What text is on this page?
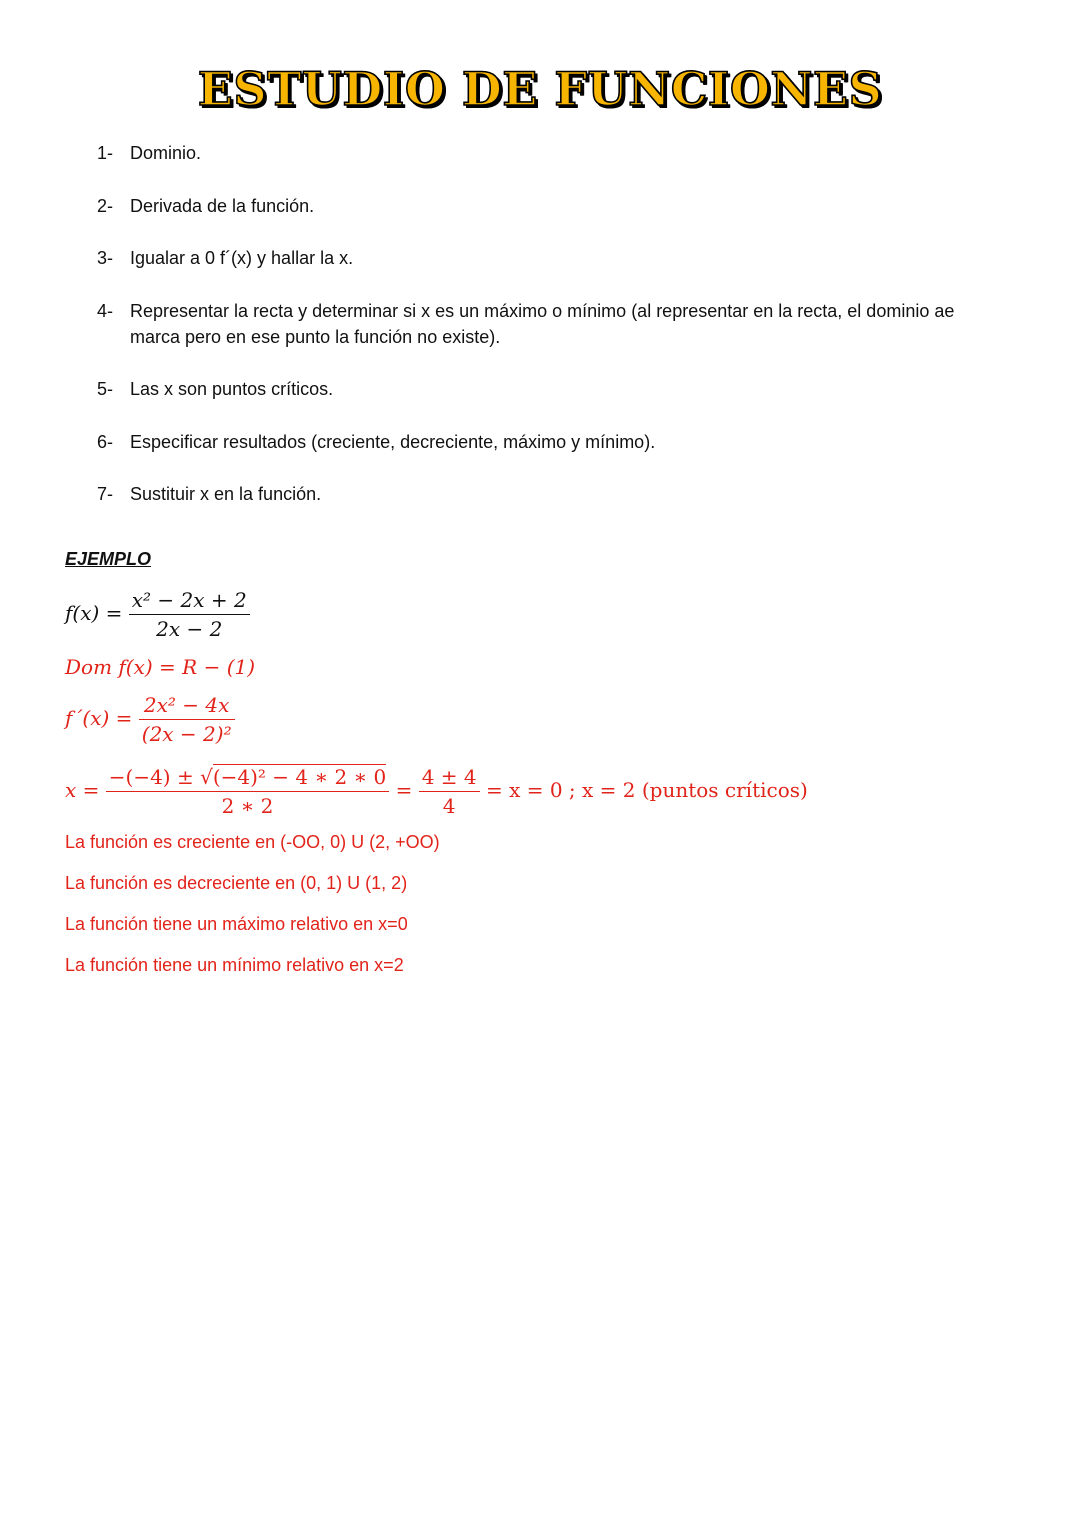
ESTUDIO DE FUNCIONES
1- Dominio.
2- Derivada de la función.
3- Igualar a 0 f´(x) y hallar la x.
4- Representar la recta y determinar si x es un máximo o mínimo (al representar en la recta, el dominio ae marca pero en ese punto la función no existe).
5- Las x son puntos críticos.
6- Especificar resultados (creciente, decreciente, máximo y mínimo).
7- Sustituir x en la función.
EJEMPLO
$f(x) = \frac{\text{x² − 2x + 2}}{2x - 2}$
Dom f(x) = R − (1)
f´(x) = $\frac{\text{2x² − 4x}}{\text{(2x − 2)²}}$
$x = \frac{\text{−(−4) ± √(−4)² − 4 ∗ 2 ∗ 0}}{2 ∗ 2} = \frac{4 \pm 4}{4} = x = 0$ ; x = 2 (puntos críticos)
La función es creciente en (-OO, 0) U (2, +OO)
La función es decreciente en (0, 1) U (1, 2)
La función tiene un máximo relativo en x=0
La función tiene un mínimo relativo en x=2
